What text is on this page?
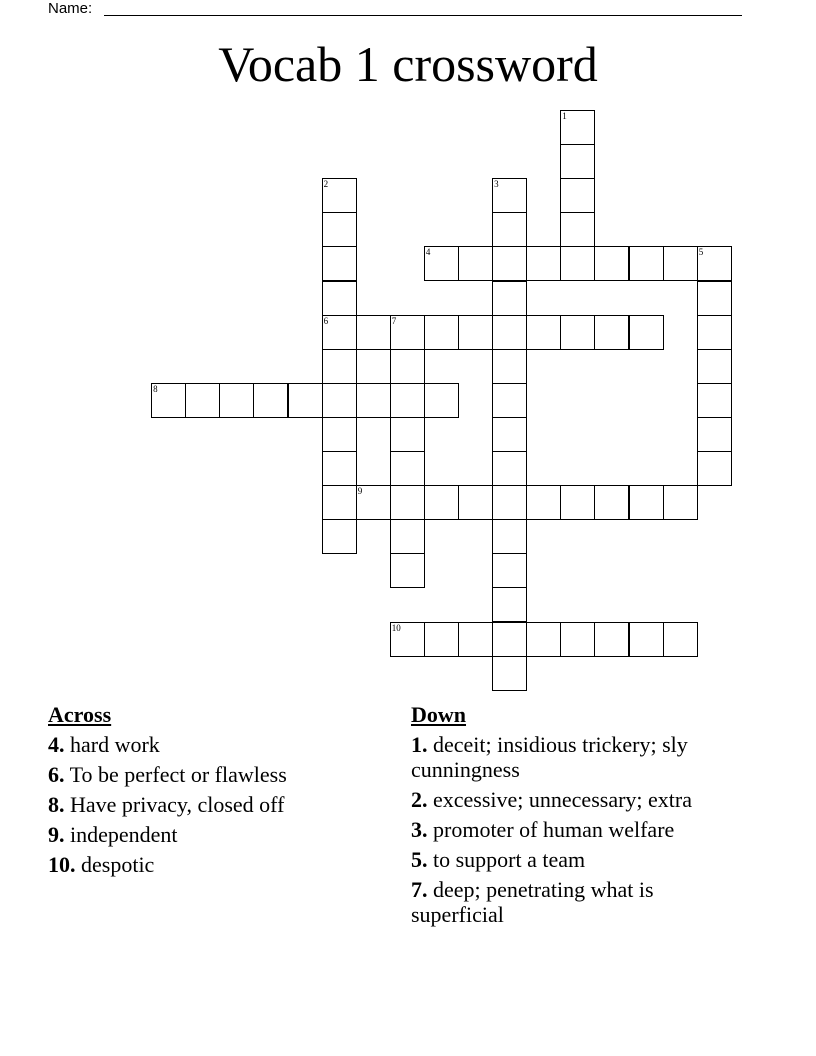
Name:
Vocab 1 crossword
1
2
6
3
4	5
7
8
9
10
Across
4. hard work
6. To be perfect or flawless
8. Have privacy, closed off
9. independent
10. despotic
Down
1. deceit; insidious trickery; sly cunningness
2. excessive; unnecessary; extra
3. promoter of human welfare
5. to support a team
7. deep; penetrating what is superficial
